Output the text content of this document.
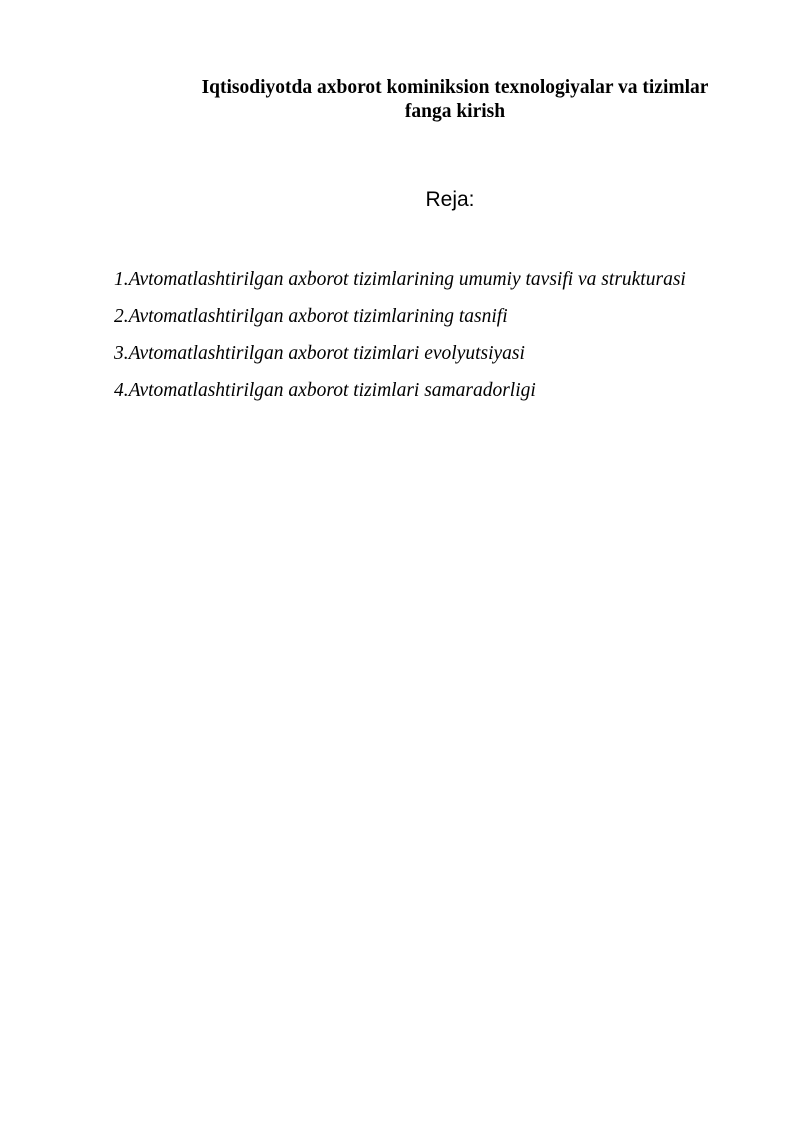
Iqtisodiyotda axborot kominiksion texnologiyalar va tizimlar
fanga kirish
Reja:
1.Avtomatlashtirilgan axborot tizimlarining umumiy tavsifi va strukturasi
2.Avtomatlashtirilgan axborot tizimlarining tasnifi
3.Avtomatlashtirilgan axborot tizimlari evolyutsiyasi
4.Avtomatlashtirilgan axborot tizimlari samaradorligi
